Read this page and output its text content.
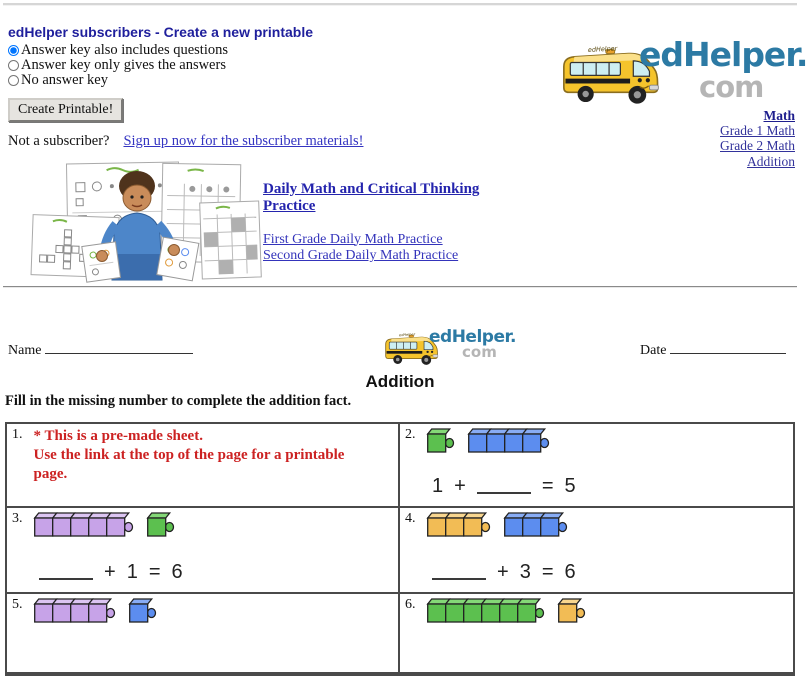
edHelper subscribers - Create a new printable
Answer key also includes questions
Answer key only gives the answers
No answer key
Create Printable!
Not a subscriber? Sign up now for the subscriber materials!
Daily Math and Critical Thinking Practice
First Grade Daily Math Practice
Second Grade Daily Math Practice
edHelper.
com
Math
Grade 1 Math
Grade 2 Math
Addition
Name	Date
edHelper.
com
Addition
Fill in the missing number to complete the addition fact.
1. * This is a pre-made sheet.
Use the link at the top of the page for a printable page.
2.
1 +	= 5
3.
+ 1 = 6
4.
+ 3 = 6
5.	6.
